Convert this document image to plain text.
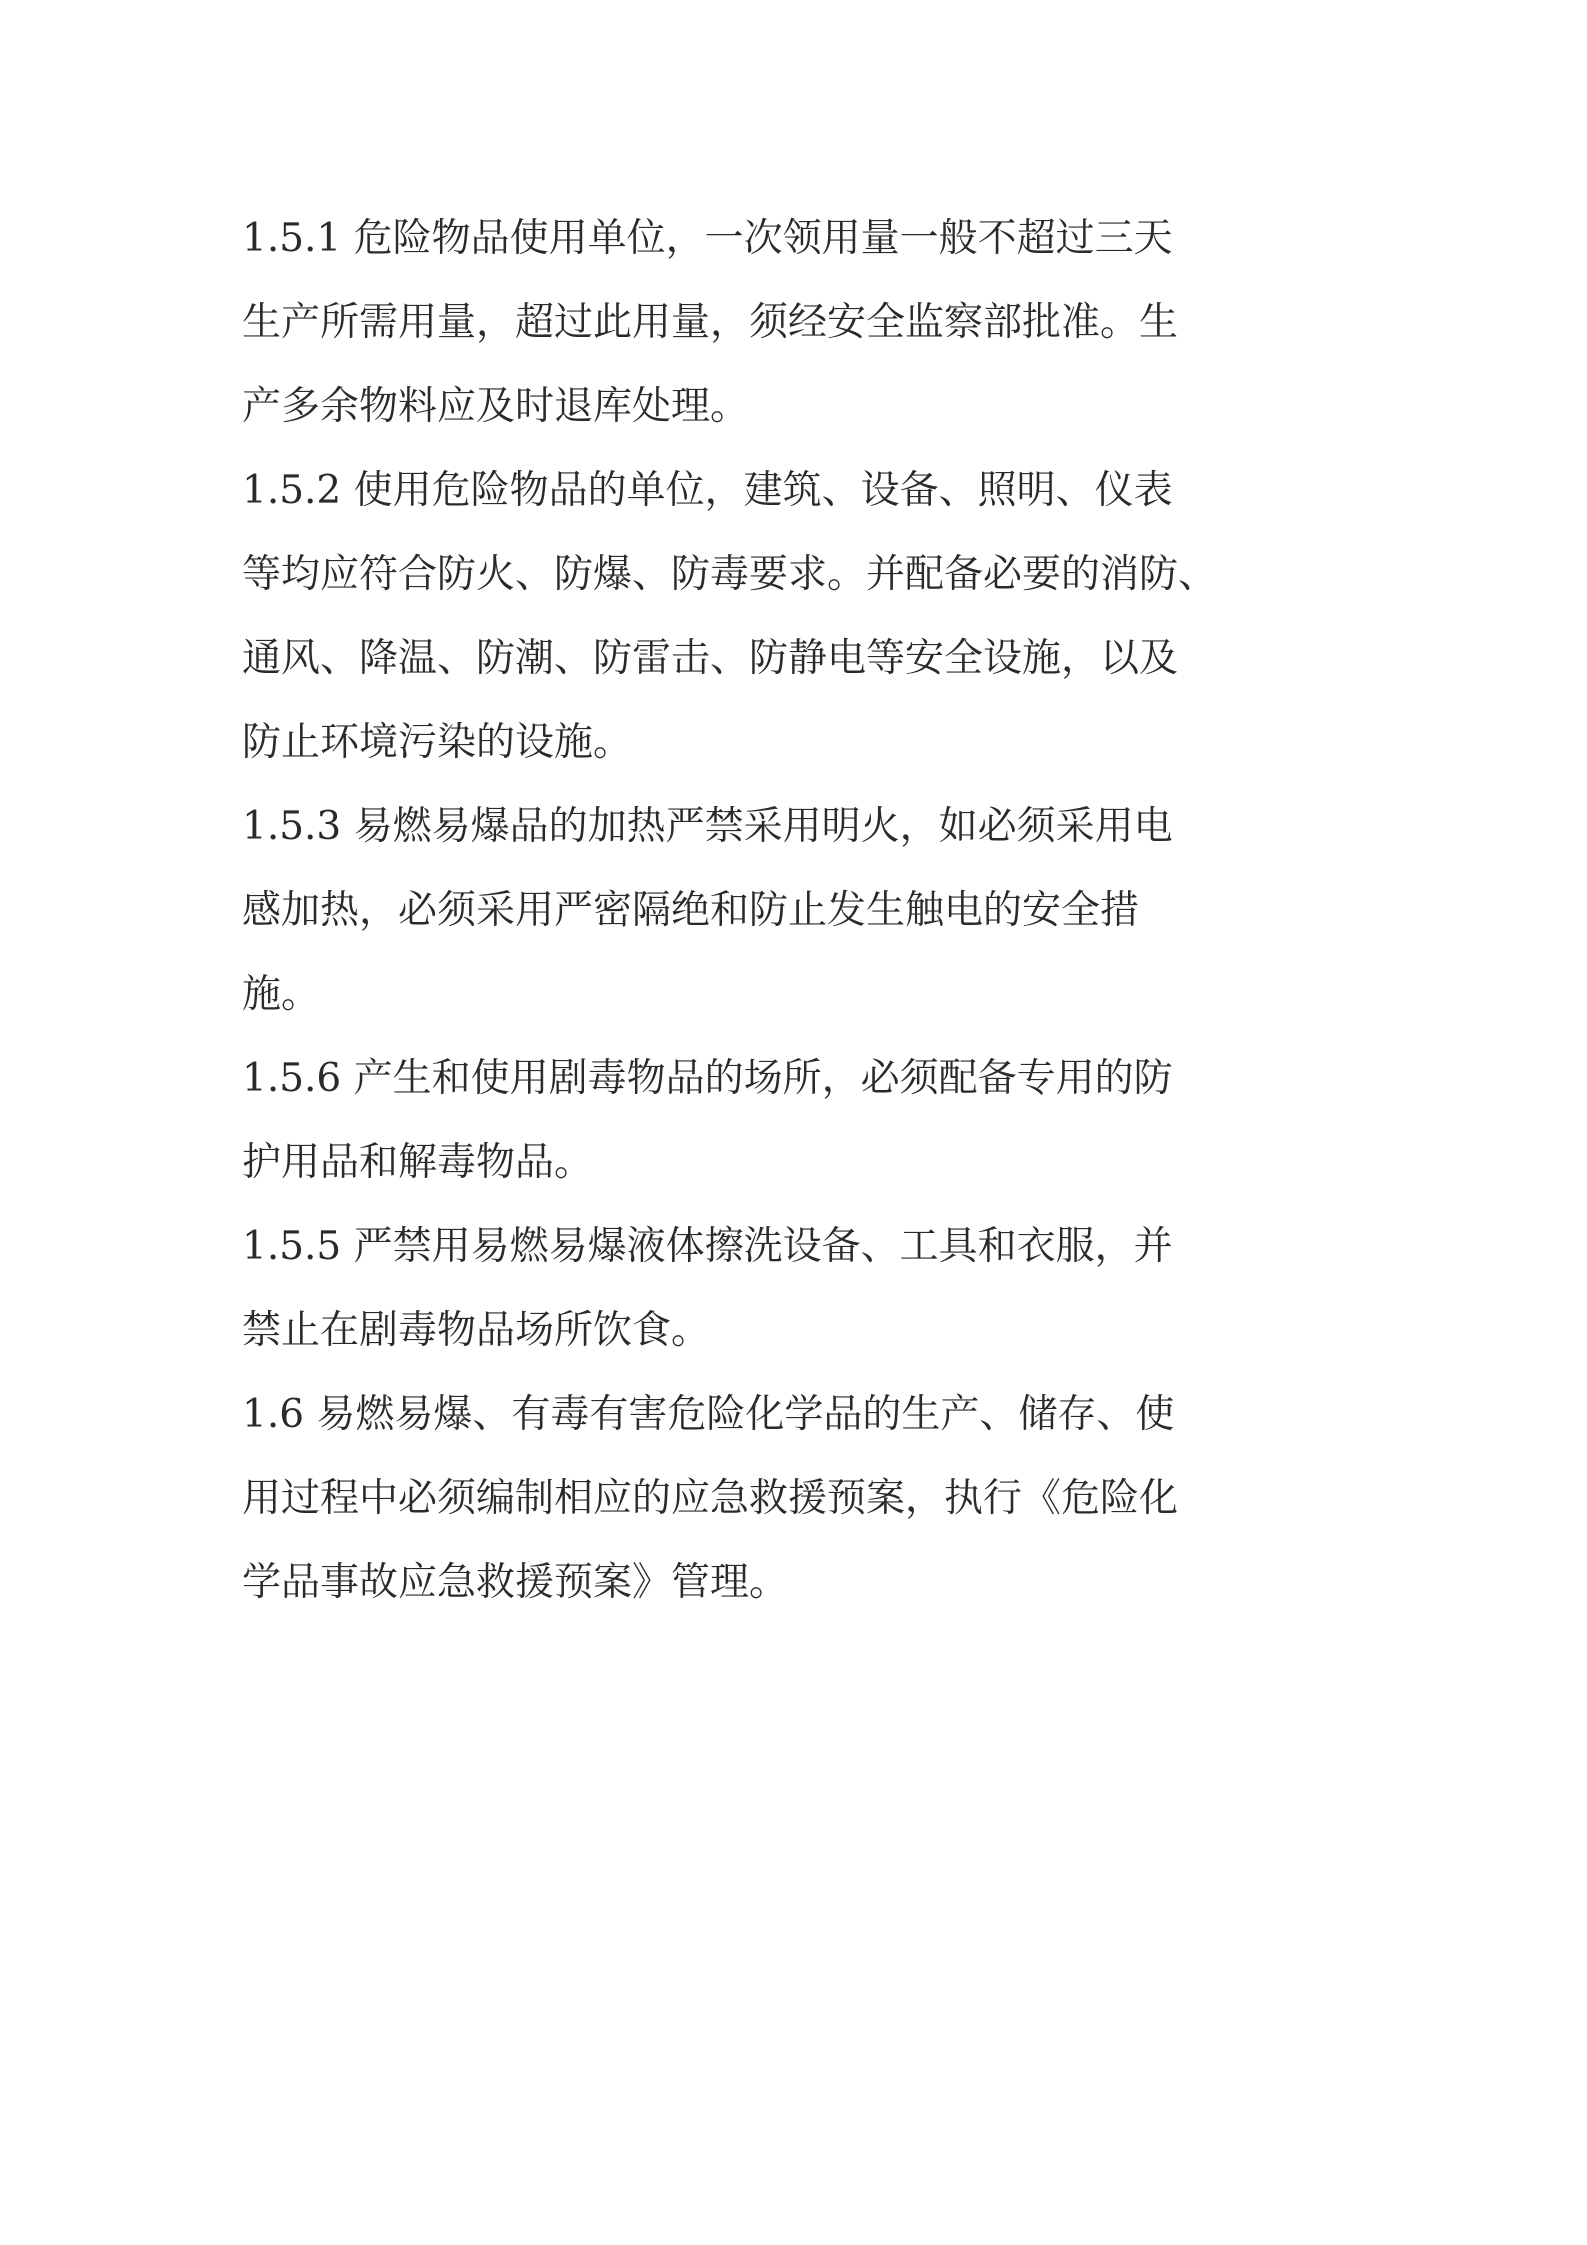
1.5.1 危险物品使用单位，一次领用量一般不超过三天
生产所需用量，超过此用量，须经安全监察部批准。生
产多余物料应及时退库处理。
1.5.2 使用危险物品的单位，建筑、设备、照明、仪表
等均应符合防火、防爆、防毒要求。并配备必要的消防、
通风、降温、防潮、防雷击、防静电等安全设施，以及
防止环境污染的设施。
1.5.3 易燃易爆品的加热严禁采用明火，如必须采用电
感加热，必须采用严密隔绝和防止发生触电的安全措
施。
1.5.6 产生和使用剧毒物品的场所，必须配备专用的防
护用品和解毒物品。
1.5.5 严禁用易燃易爆液体擦洗设备、工具和衣服，并
禁止在剧毒物品场所饮食。
1.6 易燃易爆、有毒有害危险化学品的生产、储存、使
用过程中必须编制相应的应急救援预案，执行《危险化
学品事故应急救援预案》管理。
